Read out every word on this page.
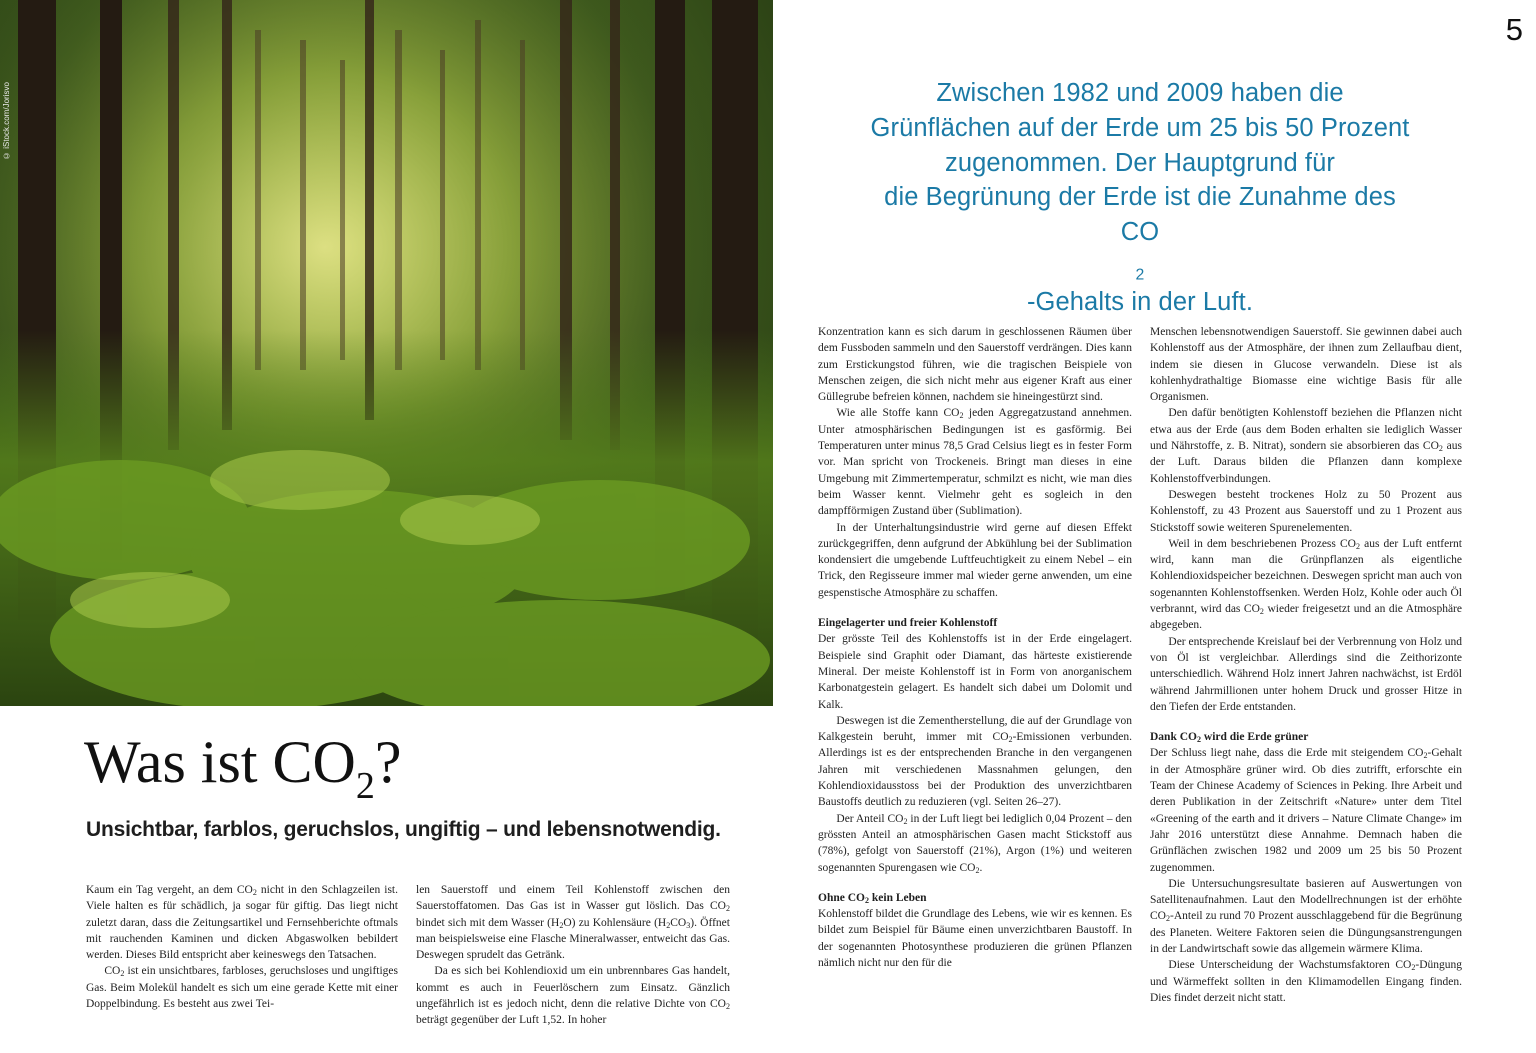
© iStock.com/Jorisvo
Was ist $CO_2$?
Unsichtbar, farblos, geruchslos, ungiftig – und lebensnotwendig.

Kaum ein Tag vergeht, an dem $CO_2$ nicht in den Schlagzeilen ist. Viele halten es für schädlich, ja sogar für giftig. Das liegt nicht zuletzt daran, dass die Zeitungsartikel und Fernsehberichte oftmals mit rauchenden Kaminen und dicken Abgaswolken bebildert werden. Dieses Bild entspricht aber keineswegs den Tatsachen.

$CO_2$ ist ein unsichtbares, farbloses, geruchsloses und ungiftiges Gas. Beim Molekül handelt es sich um eine gerade Kette mit einer Doppelbindung. Es besteht aus zwei Tei-

len Sauerstoff und einem Teil Kohlenstoff zwischen den Sauerstoffatomen. Das Gas ist in Wasser gut löslich. Das $CO_2$ bindet sich mit dem Wasser $(H_2O)$ zu Kohlensäure $(H_2CO_3)$. Öffnet man beispielsweise eine Flasche Mineralwasser, entweicht das Gas. Deswegen sprudelt das Getränk.

Da es sich bei Kohlendioxid um ein unbrennbares Gas handelt, kommt es auch in Feuerlöschern zum Einsatz. Gänzlich ungefährlich ist es jedoch nicht, denn die relative Dichte von $CO_2$ beträgt gegenüber der Luft 1,52. In hoher

5
Zwischen 1982 und 2009 haben die
Grünflächen auf der Erde um 25 bis 50 Prozent
zugenommen. Der Hauptgrund für
die Begrünung der Erde ist die Zunahme des
CO
$_2$
-Gehalts in der Luft.

Konzentration kann es sich darum in geschlossenen Räumen über dem Fussboden sammeln und den Sauerstoff verdrängen. Dies kann zum Erstickungstod führen, wie die tragischen Beispiele von Menschen zeigen, die sich nicht mehr aus eigener Kraft aus einer Güllegrube befreien können, nachdem sie hineingestürzt sind.

Wie alle Stoffe kann $CO_2$ jeden Aggregatzustand annehmen. Unter atmosphärischen Bedingungen ist es gasförmig. Bei Temperaturen unter minus 78,5 Grad Celsius liegt es in fester Form vor. Man spricht von Trockeneis. Bringt man dieses in eine Umgebung mit Zimmertemperatur, schmilzt es nicht, wie man dies beim Wasser kennt. Vielmehr geht es sogleich in den dampfförmigen Zustand über (Sublimation).

In der Unterhaltungsindustrie wird gerne auf diesen Effekt zurückgegriffen, denn aufgrund der Abkühlung bei der Sublimation kondensiert die umgebende Luftfeuchtigkeit zu einem Nebel – ein Trick, den Regisseure immer mal wieder gerne anwenden, um eine gespenstische Atmosphäre zu schaffen.

Eingelagerter und freier Kohlenstoff

Der grösste Teil des Kohlenstoffs ist in der Erde eingelagert. Beispiele sind Graphit oder Diamant, das härteste existierende Mineral. Der meiste Kohlenstoff ist in Form von anorganischem Karbonatgestein gelagert. Es handelt sich dabei um Dolomit und Kalk.

Deswegen ist die Zementherstellung, die auf der Grundlage von Kalkgestein beruht, immer mit $CO_2$-Emissionen verbunden. Allerdings ist es der entsprechenden Branche in den vergangenen Jahren mit verschiedenen Massnahmen gelungen, den Kohlendioxidausstoss bei der Produktion des unverzichtbaren Baustoffs deutlich zu reduzieren (vgl. Seiten 26–27).

Der Anteil $CO_2$ in der Luft liegt bei lediglich 0,04 Prozent – den grössten Anteil an atmosphärischen Gasen macht Stickstoff aus (78%), gefolgt von Sauerstoff (21%), Argon (1%) und weiteren sogenannten Spurengasen wie $CO_2$.

Ohne $CO_2$ kein Leben

Kohlenstoff bildet die Grundlage des Lebens, wie wir es kennen. Es bildet zum Beispiel für Bäume einen unverzichtbaren Baustoff. In der sogenannten Photosynthese produzieren die grünen Pflanzen nämlich nicht nur den für die

Menschen lebensnotwendigen Sauerstoff. Sie gewinnen dabei auch Kohlenstoff aus der Atmosphäre, der ihnen zum Zellaufbau dient, indem sie diesen in Glucose verwandeln. Diese ist als kohlenhydrathaltige Biomasse eine wichtige Basis für alle Organismen.

Den dafür benötigten Kohlenstoff beziehen die Pflanzen nicht etwa aus der Erde (aus dem Boden erhalten sie lediglich Wasser und Nährstoffe, z. B. Nitrat), sondern sie absorbieren das $CO_2$ aus der Luft. Daraus bilden die Pflanzen dann komplexe Kohlenstoffverbindungen.

Deswegen besteht trockenes Holz zu 50 Prozent aus Kohlenstoff, zu 43 Prozent aus Sauerstoff und zu 1 Prozent aus Stickstoff sowie weiteren Spurenelementen.

Weil in dem beschriebenen Prozess $CO_2$ aus der Luft entfernt wird, kann man die Grünpflanzen als eigentliche Kohlendioxidspeicher bezeichnen. Deswegen spricht man auch von sogenannten Kohlenstoffsenken. Werden Holz, Kohle oder auch Öl verbrannt, wird das $CO_2$ wieder freigesetzt und an die Atmosphäre abgegeben.

Der entsprechende Kreislauf bei der Verbrennung von Holz und von Öl ist vergleichbar. Allerdings sind die Zeithorizonte unterschiedlich. Während Holz innert Jahren nachwächst, ist Erdöl während Jahrmillionen unter hohem Druck und grosser Hitze in den Tiefen der Erde entstanden.

Dank $CO_2$ wird die Erde grüner

Der Schluss liegt nahe, dass die Erde mit steigendem $CO_2$-Gehalt in der Atmosphäre grüner wird. Ob dies zutrifft, erforschte ein Team der Chinese Academy of Sciences in Peking. Ihre Arbeit und deren Publikation in der Zeitschrift «Nature» unter dem Titel «Greening of the earth and it drivers – Nature Climate Change» im Jahr 2016 unterstützt diese Annahme. Demnach haben die Grünflächen zwischen 1982 und 2009 um 25 bis 50 Prozent zugenommen.

Die Untersuchungsresultate basieren auf Auswertungen von Satellitenaufnahmen. Laut den Modellrechnungen ist der erhöhte $CO_2$-Anteil zu rund 70 Prozent ausschlaggebend für die Begrünung des Planeten. Weitere Faktoren seien die Düngungsanstrengungen in der Landwirtschaft sowie das allgemein wärmere Klima.

Diese Unterscheidung der Wachstumsfaktoren $CO_2$-Düngung und Wärmeffekt sollten in den Klimamodellen Eingang finden. Dies findet derzeit nicht statt.
